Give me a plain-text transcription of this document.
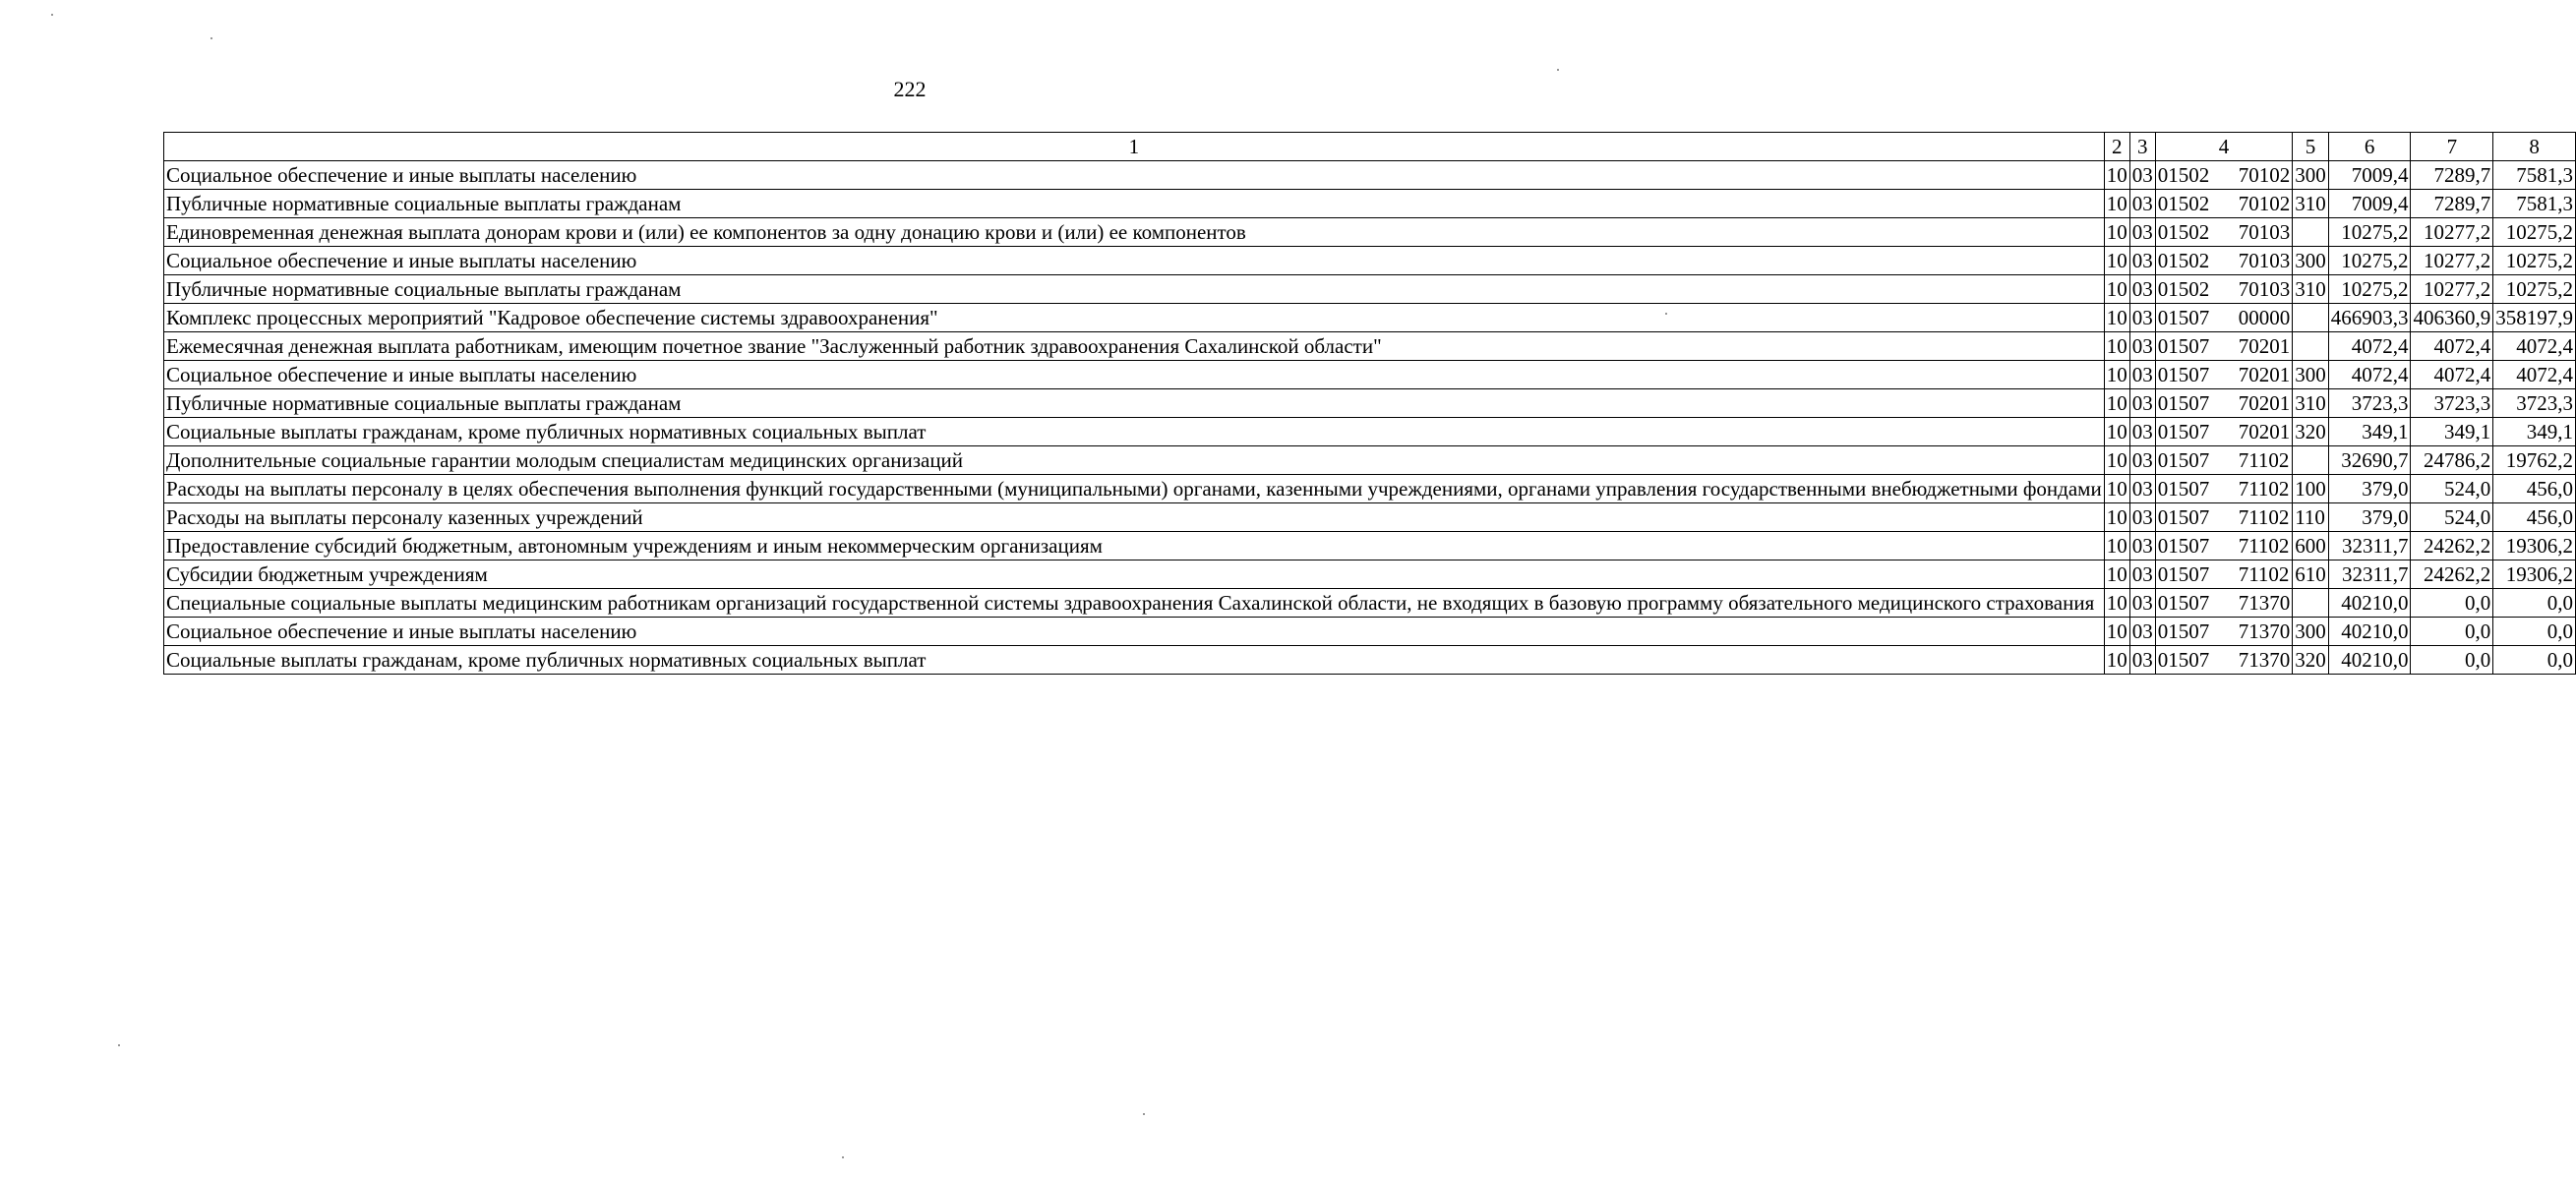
222
1	2	3	4	5	6	7	8
Социальное обеспечение и иные выплаты населению	10	03	01502 70102	300	7009,4	7289,7	7581,3
Публичные нормативные социальные выплаты гражданам	10	03	01502 70102	310	7009,4	7289,7	7581,3
Единовременная денежная выплата донорам крови и (или) ее компонентов за одну донацию крови и (или) ее компонентов	10	03	01502 70103		10275,2	10277,2	10275,2
Социальное обеспечение и иные выплаты населению	10	03	01502 70103	300	10275,2	10277,2	10275,2
Публичные нормативные социальные выплаты гражданам	10	03	01502 70103	310	10275,2	10277,2	10275,2
Комплекс процессных мероприятий "Кадровое обеспечение системы здравоохранения"	10	03	01507 00000		466903,3	406360,9	358197,9
Ежемесячная денежная выплата работникам, имеющим почетное звание "Заслуженный работник здравоохранения Сахалинской области"	10	03	01507 70201		4072,4	4072,4	4072,4
Социальное обеспечение и иные выплаты населению	10	03	01507 70201	300	4072,4	4072,4	4072,4
Публичные нормативные социальные выплаты гражданам	10	03	01507 70201	310	3723,3	3723,3	3723,3
Социальные выплаты гражданам, кроме публичных нормативных социальных выплат	10	03	01507 70201	320	349,1	349,1	349,1
Дополнительные социальные гарантии молодым специалистам медицинских организаций	10	03	01507 71102		32690,7	24786,2	19762,2
Расходы на выплаты персоналу в целях обеспечения выполнения функций государственными (муниципальными) органами, казенными учреждениями, органами управления государственными внебюджетными фондами	10	03	01507 71102	100	379,0	524,0	456,0
Расходы на выплаты персоналу казенных учреждений	10	03	01507 71102	110	379,0	524,0	456,0
Предоставление субсидий бюджетным, автономным учреждениям и иным некоммерческим организациям	10	03	01507 71102	600	32311,7	24262,2	19306,2
Субсидии бюджетным учреждениям	10	03	01507 71102	610	32311,7	24262,2	19306,2
Специальные социальные выплаты медицинским работникам организаций государственной системы здравоохранения Сахалинской области, не входящих в базовую программу обязательного медицинского страхования	10	03	01507 71370		40210,0	0,0	0,0
Социальное обеспечение и иные выплаты населению	10	03	01507 71370	300	40210,0	0,0	0,0
Социальные выплаты гражданам, кроме публичных нормативных социальных выплат	10	03	01507 71370	320	40210,0	0,0	0,0
